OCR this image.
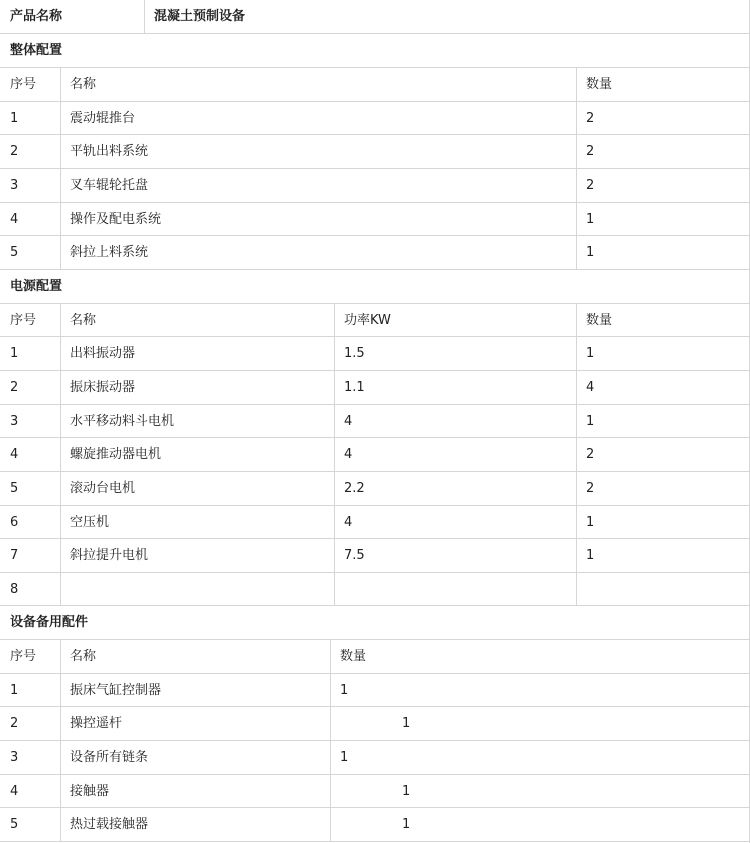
产品名称	混凝土预制设备
整体配置
序号	名称	数量
1	震动辊推台	2
2	平轨出料系统	2
3	叉车辊轮托盘	2
4	操作及配电系统	1
5	斜拉上料系统	1
电源配置
序号	名称	功率KW	数量
1	出料振动器	1.5	1
2	振床振动器	1.1	4
3	水平移动料斗电机	4	1
4	螺旋推动器电机	4	2
5	滚动台电机	2.2	2
6	空压机	4	1
7	斜拉提升电机	7.5	1
8
设备备用配件
序号	名称	数量
1	振床气缸控制器	1
2	操控遥杆	1
3	设备所有链条	1
4	接触器	1
5	热过载接触器	1
